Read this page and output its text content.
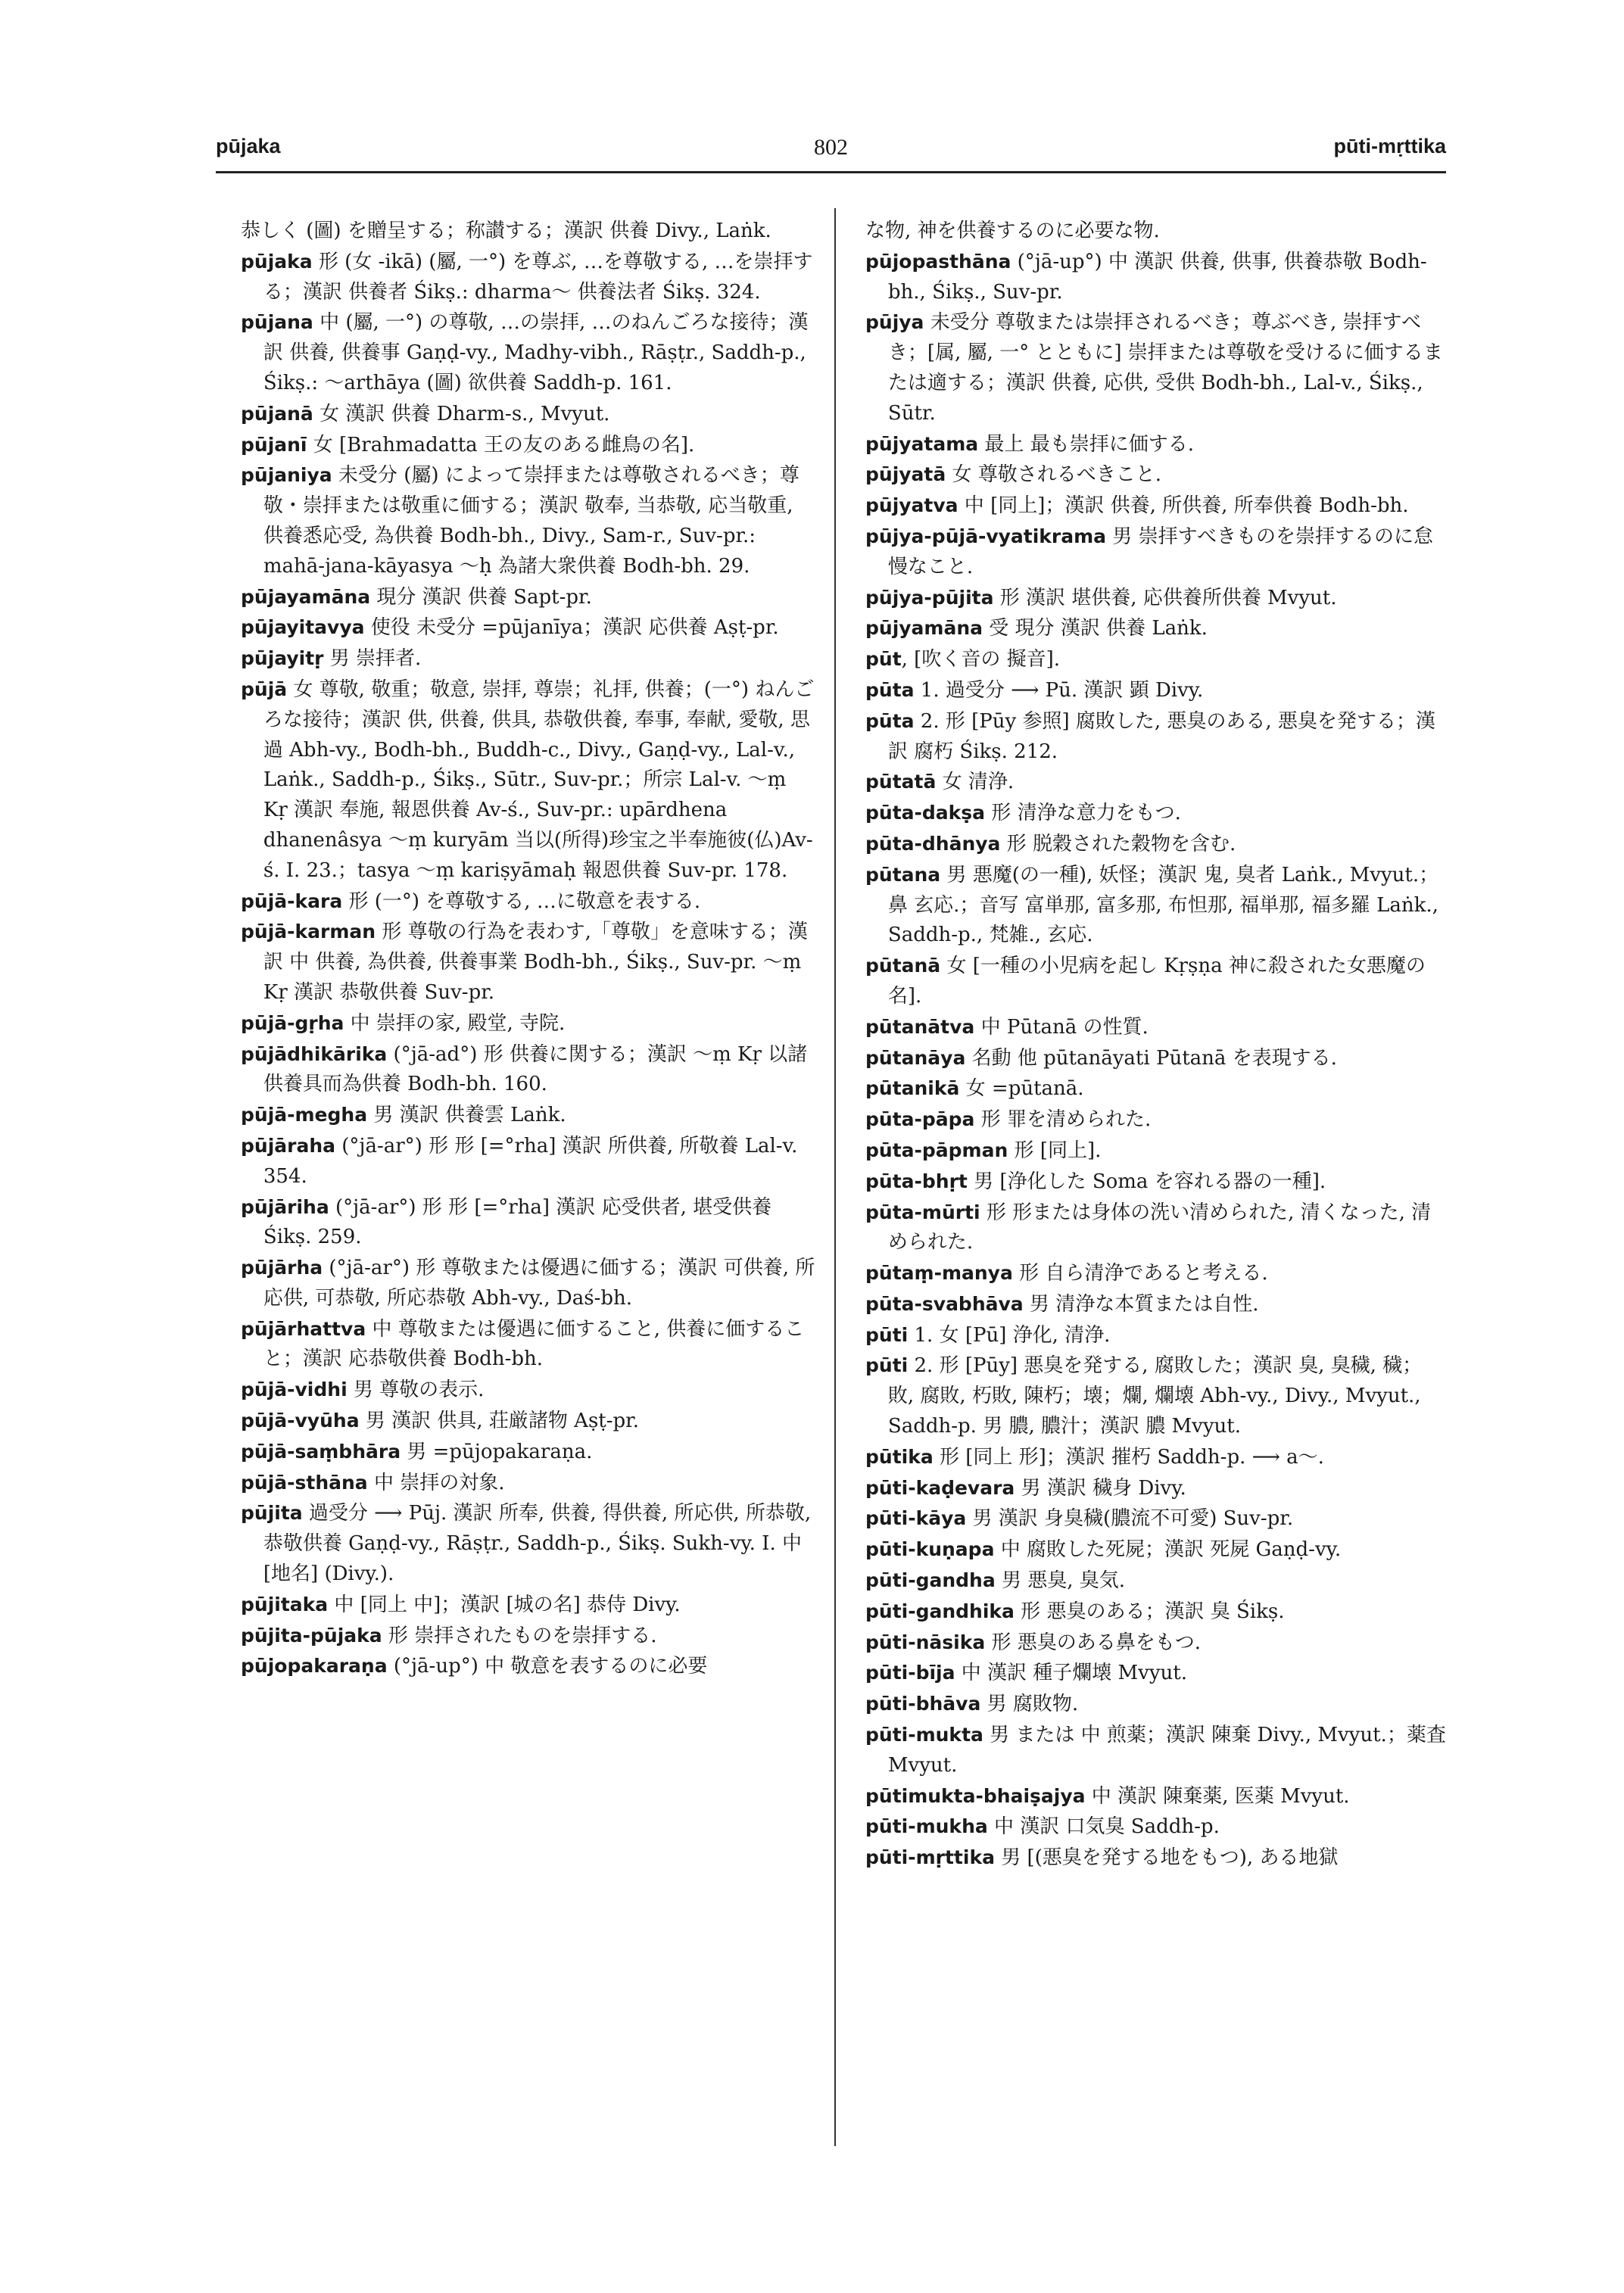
802
pūjaka	pūti-mṛttika

恭しく (圖) を贈呈する；称讃する；漢訳 供養 Divy., Laṅk.

pūjaka 形 (女 -ikā) (屬, 一°) を尊ぶ, …を尊敬する, …を崇拝する；漢訳 供養者 Śikṣ.: dharma～ 供養法者 Śikṣ. 324.

pūjana 中 (屬, 一°) の尊敬, …の崇拝, …のねんごろな接待；漢訳 供養, 供養事 Gaṇḍ-vy., Madhy-vibh., Rāṣṭr., Saddh-p., Śikṣ.: ～arthāya (圖) 欲供養 Saddh-p. 161.

pūjanā 女 漢訳 供養 Dharm-s., Mvyut.

pūjanī 女 [Brahmadatta 王の友のある雌鳥の名].

pūjaniya 未受分 (屬) によって崇拝または尊敬されるべき；尊敬・崇拝または敬重に価する；漢訳 敬奉, 当恭敬, 応当敬重, 供養悉応受, 為供養 Bodh-bh., Divy., Sam-r., Suv-pr.: mahā-jana-kāyasya ～ḥ 為諸大衆供養 Bodh-bh. 29.

pūjayamāna 現分 漢訳 供養 Sapt-pr.

pūjayitavya 使役 未受分 =pūjanīya；漢訳 応供養 Aṣṭ-pr.

pūjayitṛ 男 崇拝者.

pūjā 女 尊敬, 敬重；敬意, 崇拝, 尊崇；礼拝, 供養；(一°) ねんごろな接待；漢訳 供, 供養, 供具, 恭敬供養, 奉事, 奉献, 愛敬, 思過 Abh-vy., Bodh-bh., Buddh-c., Divy., Gaṇḍ-vy., Lal-v., Laṅk., Saddh-p., Śikṣ., Sūtr., Suv-pr.；所宗 Lal-v. ～ṃ Kṛ 漢訳 奉施, 報恩供養 Av-ś., Suv-pr.: upārdhena dhanenâsya ～ṃ kuryām 当以(所得)珍宝之半奉施彼(仏)Av-ś. I. 23.；tasya ～ṃ kariṣyāmaḥ 報恩供養 Suv-pr. 178.

pūjā-kara 形 (一°) を尊敬する, …に敬意を表する.

pūjā-karman 形 尊敬の行為を表わす,「尊敬」を意味する；漢訳 中 供養, 為供養, 供養事業 Bodh-bh., Śikṣ., Suv-pr. ～ṃ Kṛ 漢訳 恭敬供養 Suv-pr.

pūjā-gṛha 中 崇拝の家, 殿堂, 寺院.

pūjādhikārika (°jā-ad°) 形 供養に関する；漢訳 ～ṃ Kṛ 以諸供養具而為供養 Bodh-bh. 160.

pūjā-megha 男 漢訳 供養雲 Laṅk.

pūjāraha (°jā-ar°) 形 形 [=°rha] 漢訳 所供養, 所敬養 Lal-v. 354.

pūjāriha (°jā-ar°) 形 形 [=°rha] 漢訳 応受供者, 堪受供養 Śikṣ. 259.

pūjārha (°jā-ar°) 形 尊敬または優遇に価する；漢訳 可供養, 所応供, 可恭敬, 所応恭敬 Abh-vy., Daś-bh.

pūjārhattva 中 尊敬または優遇に価すること, 供養に価すること；漢訳 応恭敬供養 Bodh-bh.

pūjā-vidhi 男 尊敬の表示.

pūjā-vyūha 男 漢訳 供具, 荘厳諸物 Aṣṭ-pr.

pūjā-saṃbhāra 男 =pūjopakaraṇa.

pūjā-sthāna 中 崇拝の対象.

pūjita 過受分 ⟶ Pūj. 漢訳 所奉, 供養, 得供養, 所応供, 所恭敬, 恭敬供養 Gaṇḍ-vy., Rāṣṭr., Saddh-p., Śikṣ. Sukh-vy. I. 中 [地名] (Divy.).

pūjitaka 中 [同上 中]；漢訳 [城の名] 恭侍 Divy.

pūjita-pūjaka 形 崇拝されたものを崇拝する.

pūjopakaraṇa (°jā-up°) 中 敬意を表するのに必要

な物, 神を供養するのに必要な物.

pūjopasthāna (°jā-up°) 中 漢訳 供養, 供事, 供養恭敬 Bodh-bh., Śikṣ., Suv-pr.

pūjya 未受分 尊敬または崇拝されるべき；尊ぶべき, 崇拝すべき；[属, 屬, 一° とともに] 崇拝または尊敬を受けるに価するまたは適する；漢訳 供養, 応供, 受供 Bodh-bh., Lal-v., Śikṣ., Sūtr.

pūjyatama 最上 最も崇拝に価する.

pūjyatā 女 尊敬されるべきこと.

pūjyatva 中 [同上]；漢訳 供養, 所供養, 所奉供養 Bodh-bh.

pūjya-pūjā-vyatikrama 男 崇拝すべきものを崇拝するのに怠慢なこと.

pūjya-pūjita 形 漢訳 堪供養, 応供養所供養 Mvyut.

pūjyamāna 受 現分 漢訳 供養 Laṅk.

pūt, [吹く音の 擬音].

pūta 1. 過受分 ⟶ Pū. 漢訳 顕 Divy.

pūta 2. 形 [Pūy 参照] 腐敗した, 悪臭のある, 悪臭を発する；漢訳 腐朽 Śikṣ. 212.

pūtatā 女 清浄.

pūta-dakṣa 形 清浄な意力をもつ.

pūta-dhānya 形 脱穀された穀物を含む.

pūtana 男 悪魔(の一種), 妖怪；漢訳 鬼, 臭者 Laṅk., Mvyut.；鼻 玄応.；音写 富単那, 富多那, 布怛那, 福単那, 福多羅 Laṅk., Saddh-p., 梵雑., 玄応.

pūtanā 女 [一種の小児病を起し Kṛṣṇa 神に殺された女悪魔の名].

pūtanātva 中 Pūtanā の性質.

pūtanāya 名動 他 pūtanāyati Pūtanā を表現する.

pūtanikā 女 =pūtanā.

pūta-pāpa 形 罪を清められた.

pūta-pāpman 形 [同上].

pūta-bhṛt 男 [浄化した Soma を容れる器の一種].

pūta-mūrti 形 形または身体の洗い清められた, 清くなった, 清められた.

pūtaṃ-manya 形 自ら清浄であると考える.

pūta-svabhāva 男 清浄な本質または自性.

pūti 1. 女 [Pū] 浄化, 清浄.

pūti 2. 形 [Pūy] 悪臭を発する, 腐敗した；漢訳 臭, 臭穢, 穢；敗, 腐敗, 朽敗, 陳朽；壊；爛, 爛壊 Abh-vy., Divy., Mvyut., Saddh-p. 男 膿, 膿汁；漢訳 膿 Mvyut.

pūtika 形 [同上 形]；漢訳 摧朽 Saddh-p. ⟶ a～.

pūti-kaḍevara 男 漢訳 穢身 Divy.

pūti-kāya 男 漢訳 身臭穢(膿流不可愛) Suv-pr.

pūti-kuṇapa 中 腐敗した死屍；漢訳 死屍 Gaṇḍ-vy.

pūti-gandha 男 悪臭, 臭気.

pūti-gandhika 形 悪臭のある；漢訳 臭 Śikṣ.

pūti-nāsika 形 悪臭のある鼻をもつ.

pūti-bīja 中 漢訳 種子爛壊 Mvyut.

pūti-bhāva 男 腐敗物.

pūti-mukta 男 または 中 煎薬；漢訳 陳棄 Divy., Mvyut.；薬査 Mvyut.

pūtimukta-bhaiṣajya 中 漢訳 陳棄薬, 医薬 Mvyut.

pūti-mukha 中 漢訳 口気臭 Saddh-p.

pūti-mṛttika 男 [(悪臭を発する地をもつ), ある地獄
